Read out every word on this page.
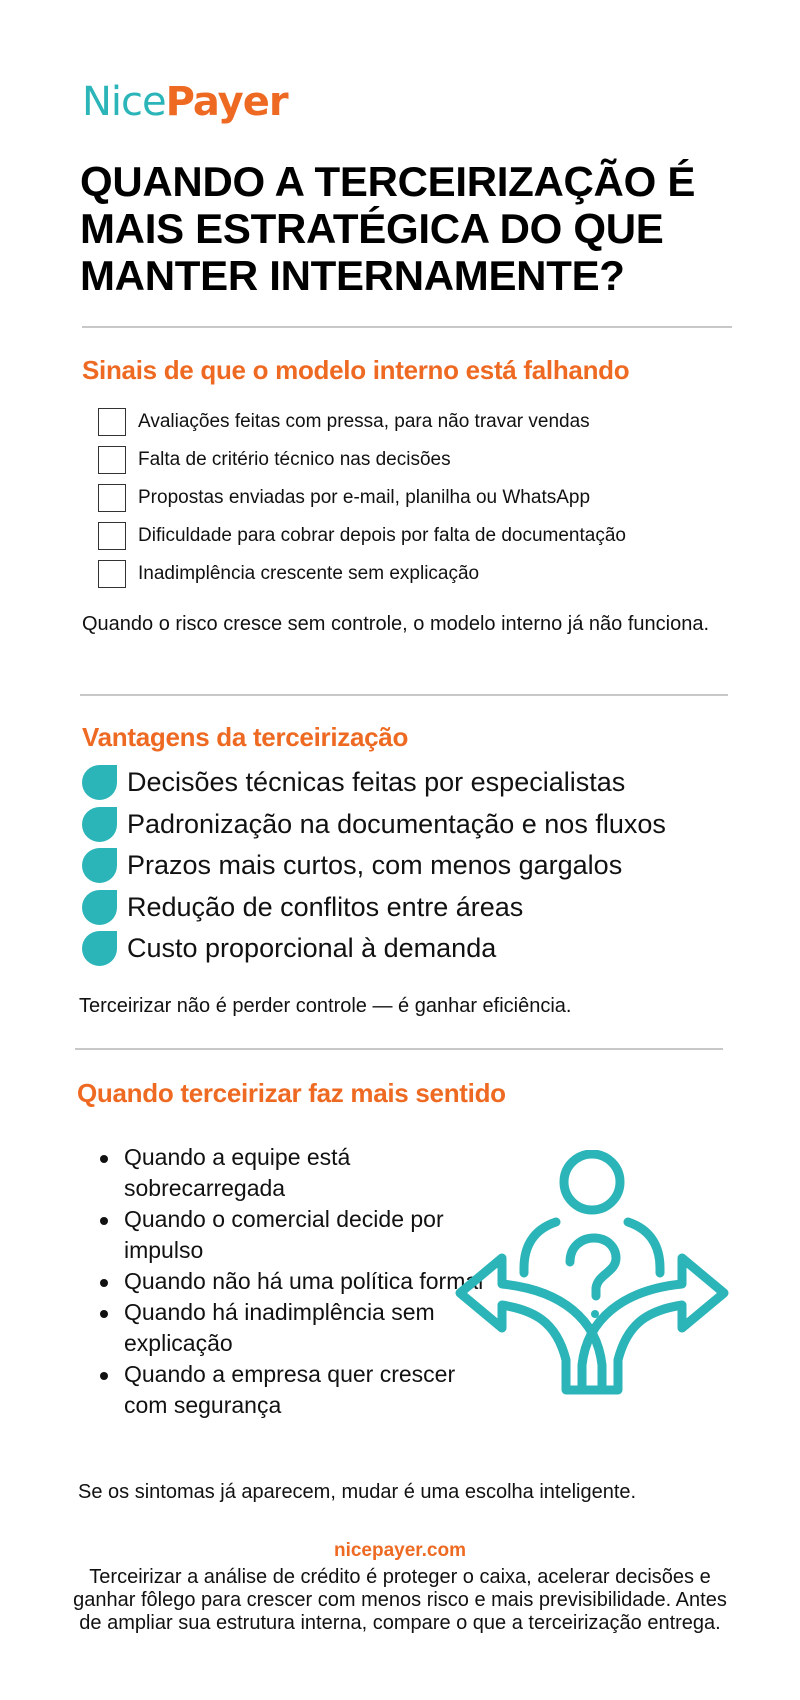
NicePayer
QUANDO A TERCEIRIZAÇÃO É MAIS ESTRATÉGICA DO QUE MANTER INTERNAMENTE?
Sinais de que o modelo interno está falhando
Avaliações feitas com pressa, para não travar vendas
Falta de critério técnico nas decisões
Propostas enviadas por e-mail, planilha ou WhatsApp
Dificuldade para cobrar depois por falta de documentação
Inadimplência crescente sem explicação

Quando o risco cresce sem controle, o modelo interno já não funciona.

Vantagens da terceirização
Decisões técnicas feitas por especialistas
Padronização na documentação e nos fluxos
Prazos mais curtos, com menos gargalos
Redução de conflitos entre áreas
Custo proporcional à demanda

Terceirizar não é perder controle — é ganhar eficiência.

Quando terceirizar faz mais sentido
Quando a equipe está sobrecarregada
Quando o comercial decide por impulso
Quando não há uma política formal
Quando há inadimplência sem explicação
Quando a empresa quer crescer com segurança

Se os sintomas já aparecem, mudar é uma escolha inteligente.

nicepayer.com

Terceirizar a análise de crédito é proteger o caixa, acelerar decisões e ganhar fôlego para crescer com menos risco e mais previsibilidade. Antes de ampliar sua estrutura interna, compare o que a terceirização entrega.
